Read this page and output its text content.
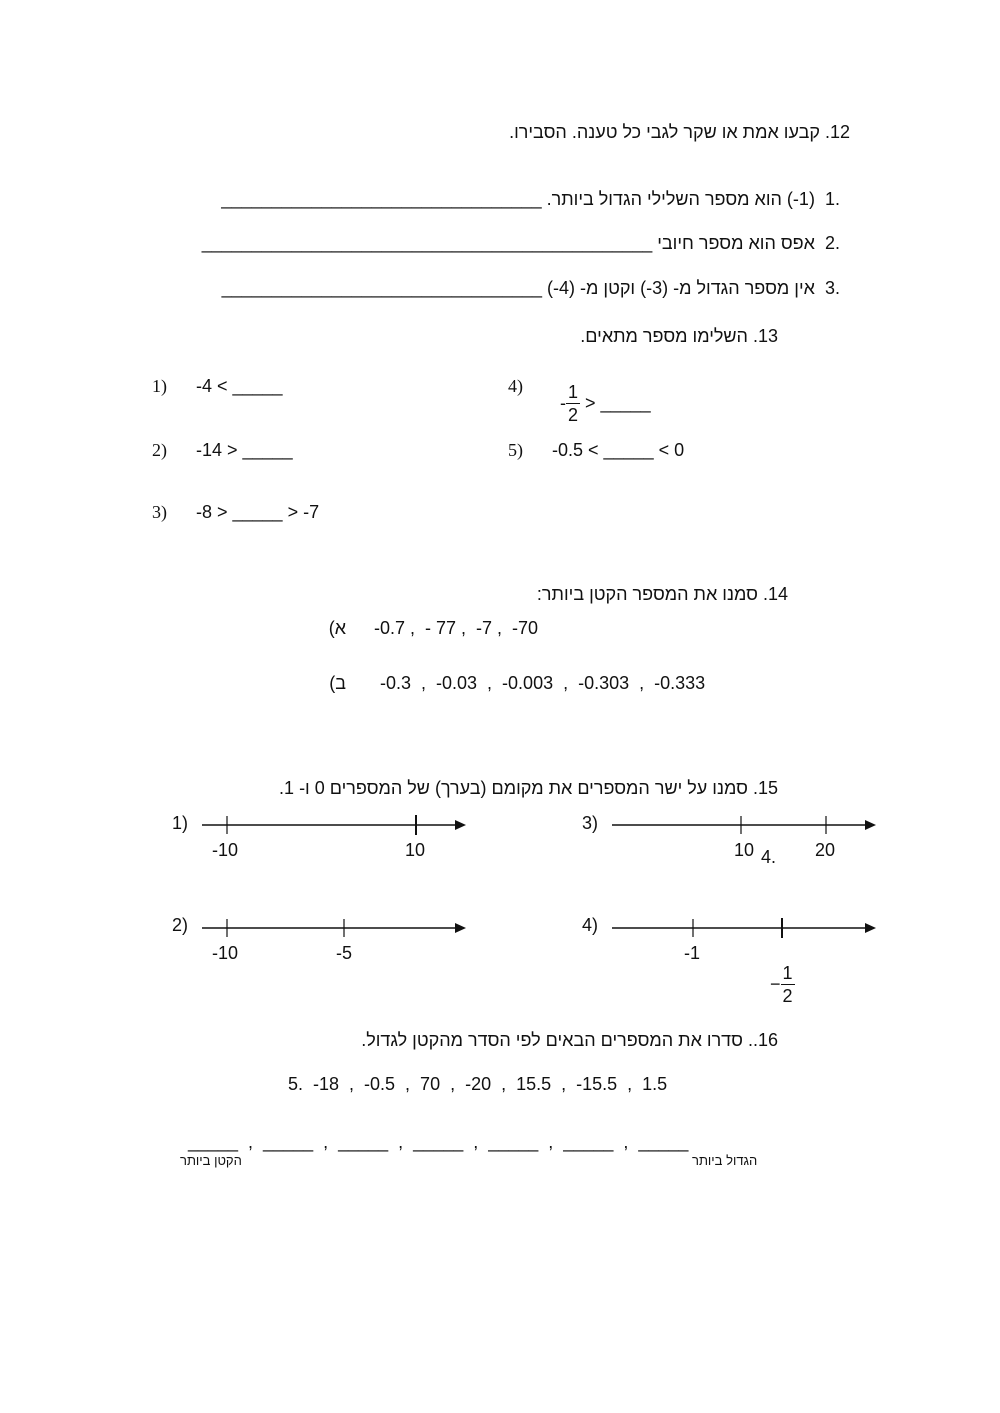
12. קבעו אמת או שקר לגבי כל טענה. הסבירו.

.1  (1-) הוא מספר השלילי הגדול ביותר. ________________________________

.2  אפס הוא מספר חיובי _____________________________________________

.3  אין מספר הגדול מ- (3-) וקטן מ- (4-) ________________________________

13. השלימו מספר מתאים.
1) -4 < _____
2) -14 > _____
3) -8 > _____ > -7
4)

- $\frac{1}{2}$ > _____

5) -0.5 < _____ < 0
14. סמנו את המספר הקטן ביותר:
א) -0.7 ,  - 77 ,  -7 ,  -70
ב) -0.3  ,  -0.03  ,  -0.003  ,  -0.303  ,  -0.333
15. סמנו על ישר המספרים את מקומם (בערך) של המספרים 0 ו- 1.
1)
-10	10
2)
-10	-5
3)
10 4. 20
4)
-1

− $\frac{1}{2}$

16.. סדרו את המספרים הבאים לפי הסדר מהקטן לגדול.
5.  -18  ,  -0.5  ,  70  ,  -20  ,  15.5  ,  -15.5  ,  1.5
_____  ,  _____  ,  _____  ,  _____  ,  _____  ,  _____  ,  _____
הקטן ביותר	הגדול ביותר
